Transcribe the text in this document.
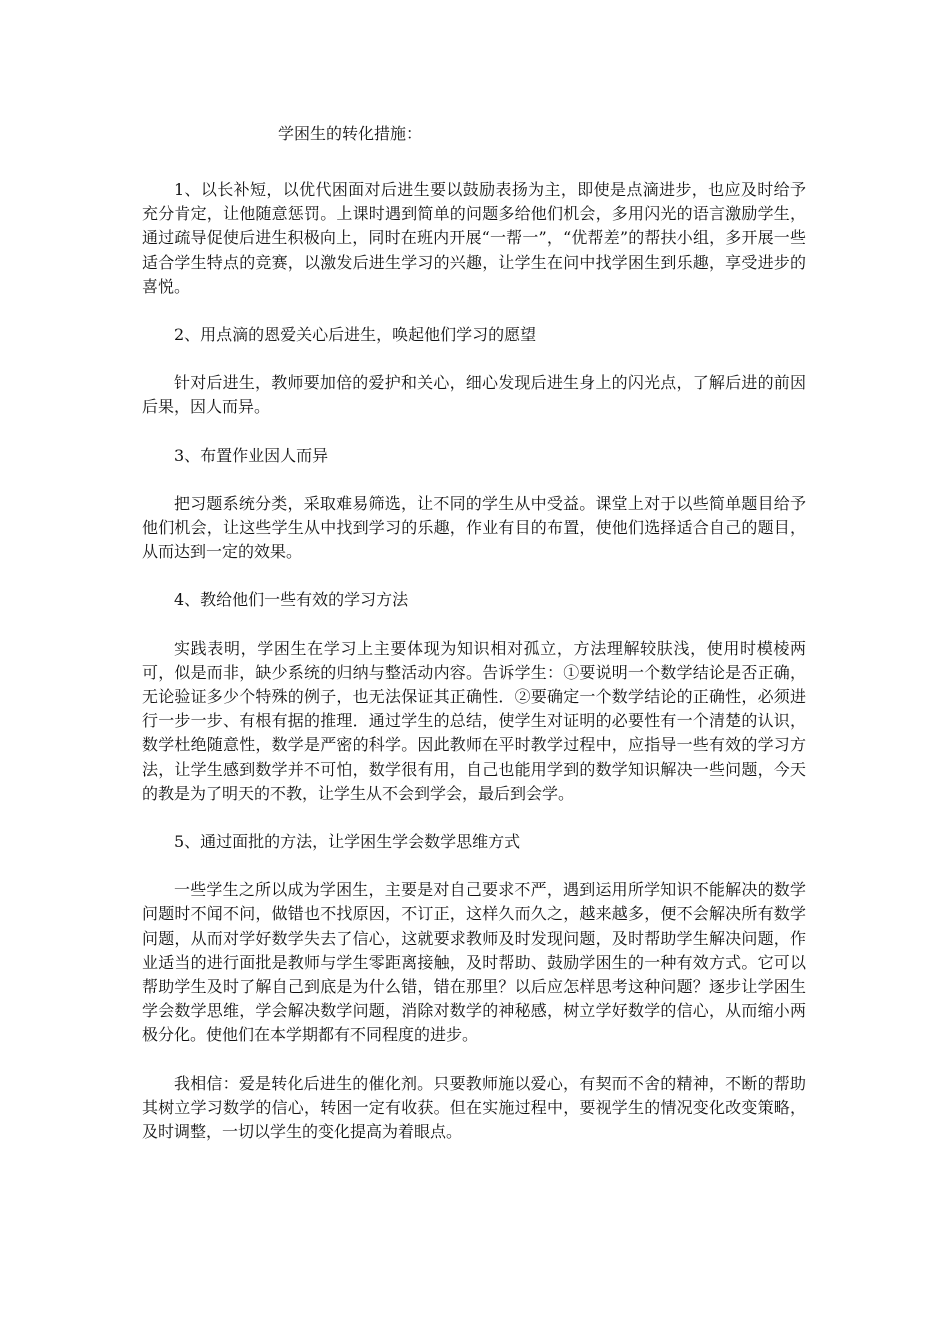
学困生的转化措施：

1、以长补短，以优代困面对后进生要以鼓励表扬为主，即使是点滴进步，也应及时给予充分肯定，让他随意惩罚。上课时遇到简单的问题多给他们机会，多用闪光的语言激励学生，通过疏导促使后进生积极向上，同时在班内开展“一帮一”，“优帮差”的帮扶小组，多开展一些适合学生特点的竞赛，以激发后进生学习的兴趣，让学生在问中找学困生到乐趣，享受进步的喜悦。

2、用点滴的恩爱关心后进生，唤起他们学习的愿望

针对后进生，教师要加倍的爱护和关心，细心发现后进生身上的闪光点，了解后进的前因后果，因人而异。

3、布置作业因人而异

把习题系统分类，采取难易筛选，让不同的学生从中受益。课堂上对于以些简单题目给予他们机会，让这些学生从中找到学习的乐趣，作业有目的布置，使他们选择适合自己的题目，从而达到一定的效果。

4、教给他们一些有效的学习方法

实践表明，学困生在学习上主要体现为知识相对孤立，方法理解较肤浅，使用时模棱两可，似是而非，缺少系统的归纳与整活动内容。告诉学生：①要说明一个数学结论是否正确，无论验证多少个特殊的例子，也无法保证其正确性．②要确定一个数学结论的正确性，必须进行一步一步、有根有据的推理．通过学生的总结，使学生对证明的必要性有一个清楚的认识，数学杜绝随意性，数学是严密的科学。因此教师在平时教学过程中，应指导一些有效的学习方法，让学生感到数学并不可怕，数学很有用，自己也能用学到的数学知识解决一些问题，今天的教是为了明天的不教，让学生从不会到学会，最后到会学。

5、通过面批的方法，让学困生学会数学思维方式

一些学生之所以成为学困生，主要是对自己要求不严，遇到运用所学知识不能解决的数学问题时不闻不问，做错也不找原因，不订正，这样久而久之，越来越多，便不会解决所有数学问题，从而对学好数学失去了信心，这就要求教师及时发现问题，及时帮助学生解决问题，作业适当的进行面批是教师与学生零距离接触，及时帮助、鼓励学困生的一种有效方式。它可以帮助学生及时了解自己到底是为什么错，错在那里？以后应怎样思考这种问题？逐步让学困生学会数学思维，学会解决数学问题，消除对数学的神秘感，树立学好数学的信心，从而缩小两极分化。使他们在本学期都有不同程度的进步。

我相信：爱是转化后进生的催化剂。只要教师施以爱心，有契而不舍的精神，不断的帮助其树立学习数学的信心，转困一定有收获。但在实施过程中，要视学生的情况变化改变策略，及时调整，一切以学生的变化提高为着眼点。
